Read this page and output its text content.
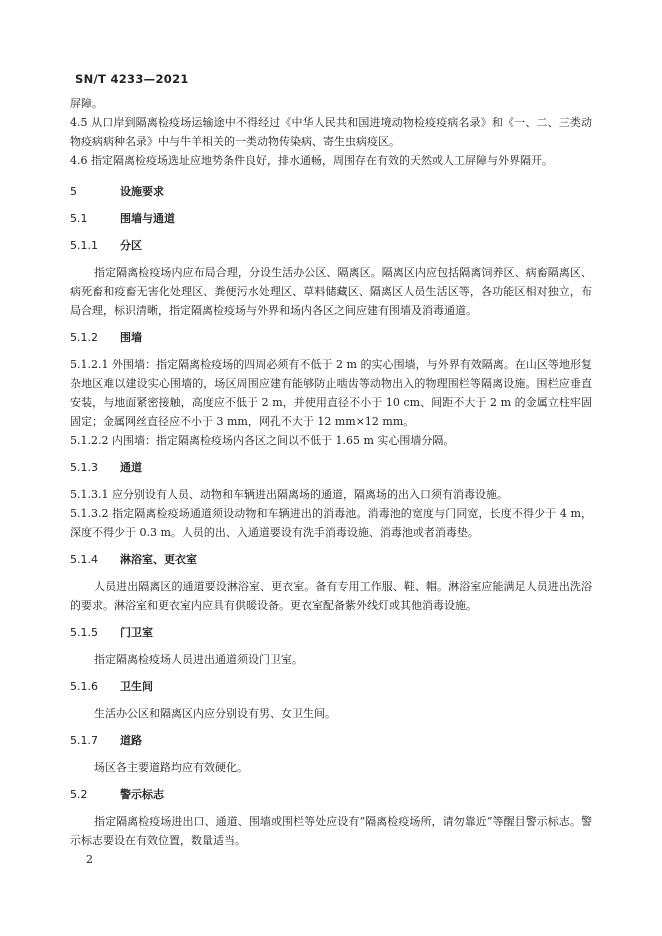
SN/T 4233—2021

屏障。

4.5 从口岸到隔离检疫场运输途中不得经过《中华人民共和国进境动物检疫疫病名录》和《一、二、三类动物疫病病种名录》中与牛羊相关的一类动物传染病、寄生虫病疫区。

4.6 指定隔离检疫场选址应地势条件良好，排水通畅，周围存在有效的天然或人工屏障与外界隔开。

5	设施要求
5.1	围墙与通道
5.1.1 分区

指定隔离检疫场内应布局合理，分设生活办公区、隔离区。隔离区内应包括隔离饲养区、病畜隔离区、病死畜和疫畜无害化处理区、粪便污水处理区、草料储藏区、隔离区人员生活区等，各功能区相对独立，布局合理，标识清晰，指定隔离检疫场与外界和场内各区之间应建有围墙及消毒通道。

5.1.2 围墙

5.1.2.1 外围墙：指定隔离检疫场的四周必须有不低于 2 m 的实心围墙，与外界有效隔离。在山区等地形复杂地区难以建设实心围墙的，场区周围应建有能够防止啮齿等动物出入的物理围栏等隔离设施。围栏应垂直安装，与地面紧密接触，高度应不低于 2 m，并使用直径不小于 10 cm、间距不大于 2 m 的金属立柱牢固固定；金属网丝直径应不小于 3 mm，网孔不大于 12 mm×12 mm。

5.1.2.2 内围墙：指定隔离检疫场内各区之间以不低于 1.65 m 实心围墙分隔。

5.1.3 通道

5.1.3.1 应分别设有人员、动物和车辆进出隔离场的通道，隔离场的出入口须有消毒设施。

5.1.3.2 指定隔离检疫场通道须设动物和车辆进出的消毒池。消毒池的宽度与门同宽，长度不得少于 4 m，深度不得少于 0.3 m。人员的出、入通道要设有洗手消毒设施、消毒池或者消毒垫。

5.1.4 淋浴室、更衣室

人员进出隔离区的通道要设淋浴室、更衣室。备有专用工作服、鞋、帽。淋浴室应能满足人员进出洗浴的要求。淋浴室和更衣室内应具有供暖设备。更衣室配备紫外线灯或其他消毒设施。

5.1.5 门卫室

指定隔离检疫场人员进出通道须设门卫室。

5.1.6 卫生间

生活办公区和隔离区内应分别设有男、女卫生间。

5.1.7 道路

场区各主要道路均应有效硬化。

5.2	警示标志

指定隔离检疫场进出口、通道、围墙或围栏等处应设有“隔离检疫场所，请勿靠近”等醒目警示标志。警示标志要设在有效位置，数量适当。

2
